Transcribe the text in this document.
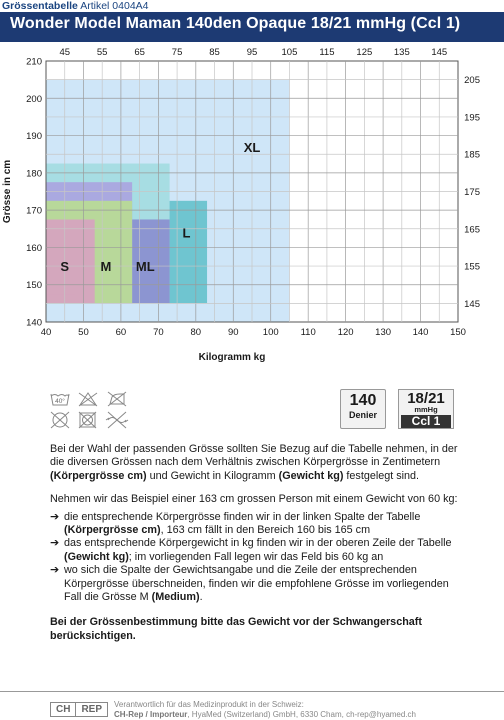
Grössentabelle Artikel 0404A4
Wonder Model Maman 140den Opaque 18/21 mmHg (Ccl 1)
45	55	65	75	85	95	105 115 125 135 145
40	50	60	70	80	90	100 110 120 130 140 150
210
200
190
180
170
160
150
140
205
195
185
175
165
155
145
XL
L
ML
M
S
Kilogramm kg
Grösse in cm
40°	140
Denier
18/21
mmHg
Ccl 1

Bei der Wahl der passenden Grösse sollten Sie Bezug auf die Tabelle nehmen, in der die diversen Grössen nach dem Verhältnis zwischen Körpergrösse in Zentimetern (Körpergrösse cm) und Gewicht in Kilogramm (Gewicht kg) festgelegt sind.

Nehmen wir das Beispiel einer 163 cm grossen Person mit einem Gewicht von 60 kg:

➔ die entsprechende Körpergrösse finden wir in der linken Spalte der Tabelle (Körpergrösse cm), 163 cm fällt in den Bereich 160 bis 165 cm
➔ das entsprechende Körpergewicht in kg finden wir in der oberen Zeile der Tabelle (Gewicht kg); im vorliegenden Fall legen wir das Feld bis 60 kg an
➔ wo sich die Spalte der Gewichtsangabe und die Zeile der entsprechenden Körpergrösse überschneiden, finden wir die empfohlene Grösse im vorliegenden Fall die Grösse M (Medium).

Bei der Grössenbestimmung bitte das Gewicht vor der Schwangerschaft berücksichtigen.

CH	REP	Verantwortlich für das Medizinprodukt in der Schweiz:
CH-Rep / Importeur, HyaMed (Switzerland) GmbH, 6330 Cham, ch-rep@hyamed.ch
